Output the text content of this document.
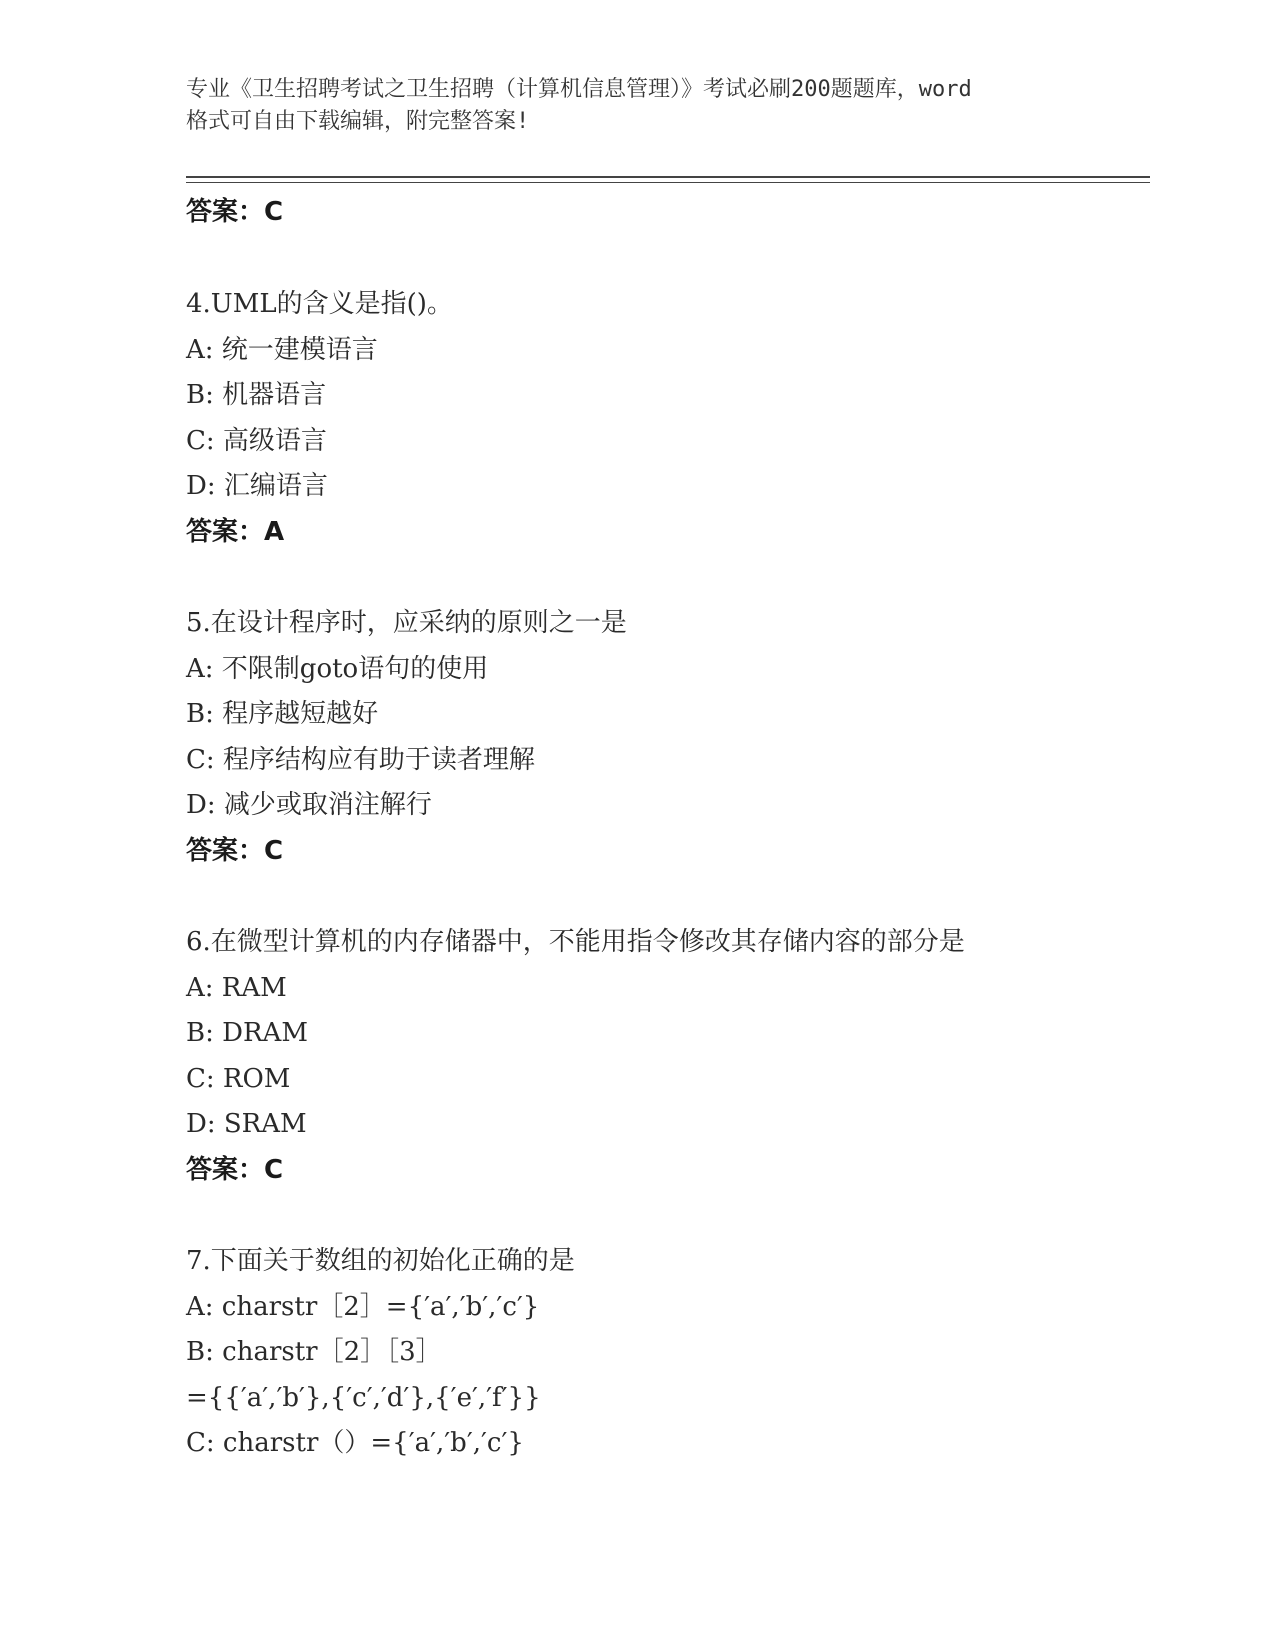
专业《卫生招聘考试之卫生招聘（计算机信息管理）》考试必刷200题题库，word
格式可自由下载编辑，附完整答案!
答案：C
4.UML的含义是指()。
A: 统一建模语言
B: 机器语言
C: 高级语言
D: 汇编语言
答案：A
5.在设计程序时，应采纳的原则之一是
A: 不限制goto语句的使用
B: 程序越短越好
C: 程序结构应有助于读者理解
D: 减少或取消注解行
答案：C
6.在微型计算机的内存储器中，不能用指令修改其存储内容的部分是
A: RAM
B: DRAM
C: ROM
D: SRAM
答案：C
7.下面关于数组的初始化正确的是
A: charstr［2］={′a′,′b′,′c′}
B: charstr［2］［3］
={{′a′,′b′},{′c′,′d′},{′e′,′f′}}
C: charstr（）={′a′,′b′,′c′}
